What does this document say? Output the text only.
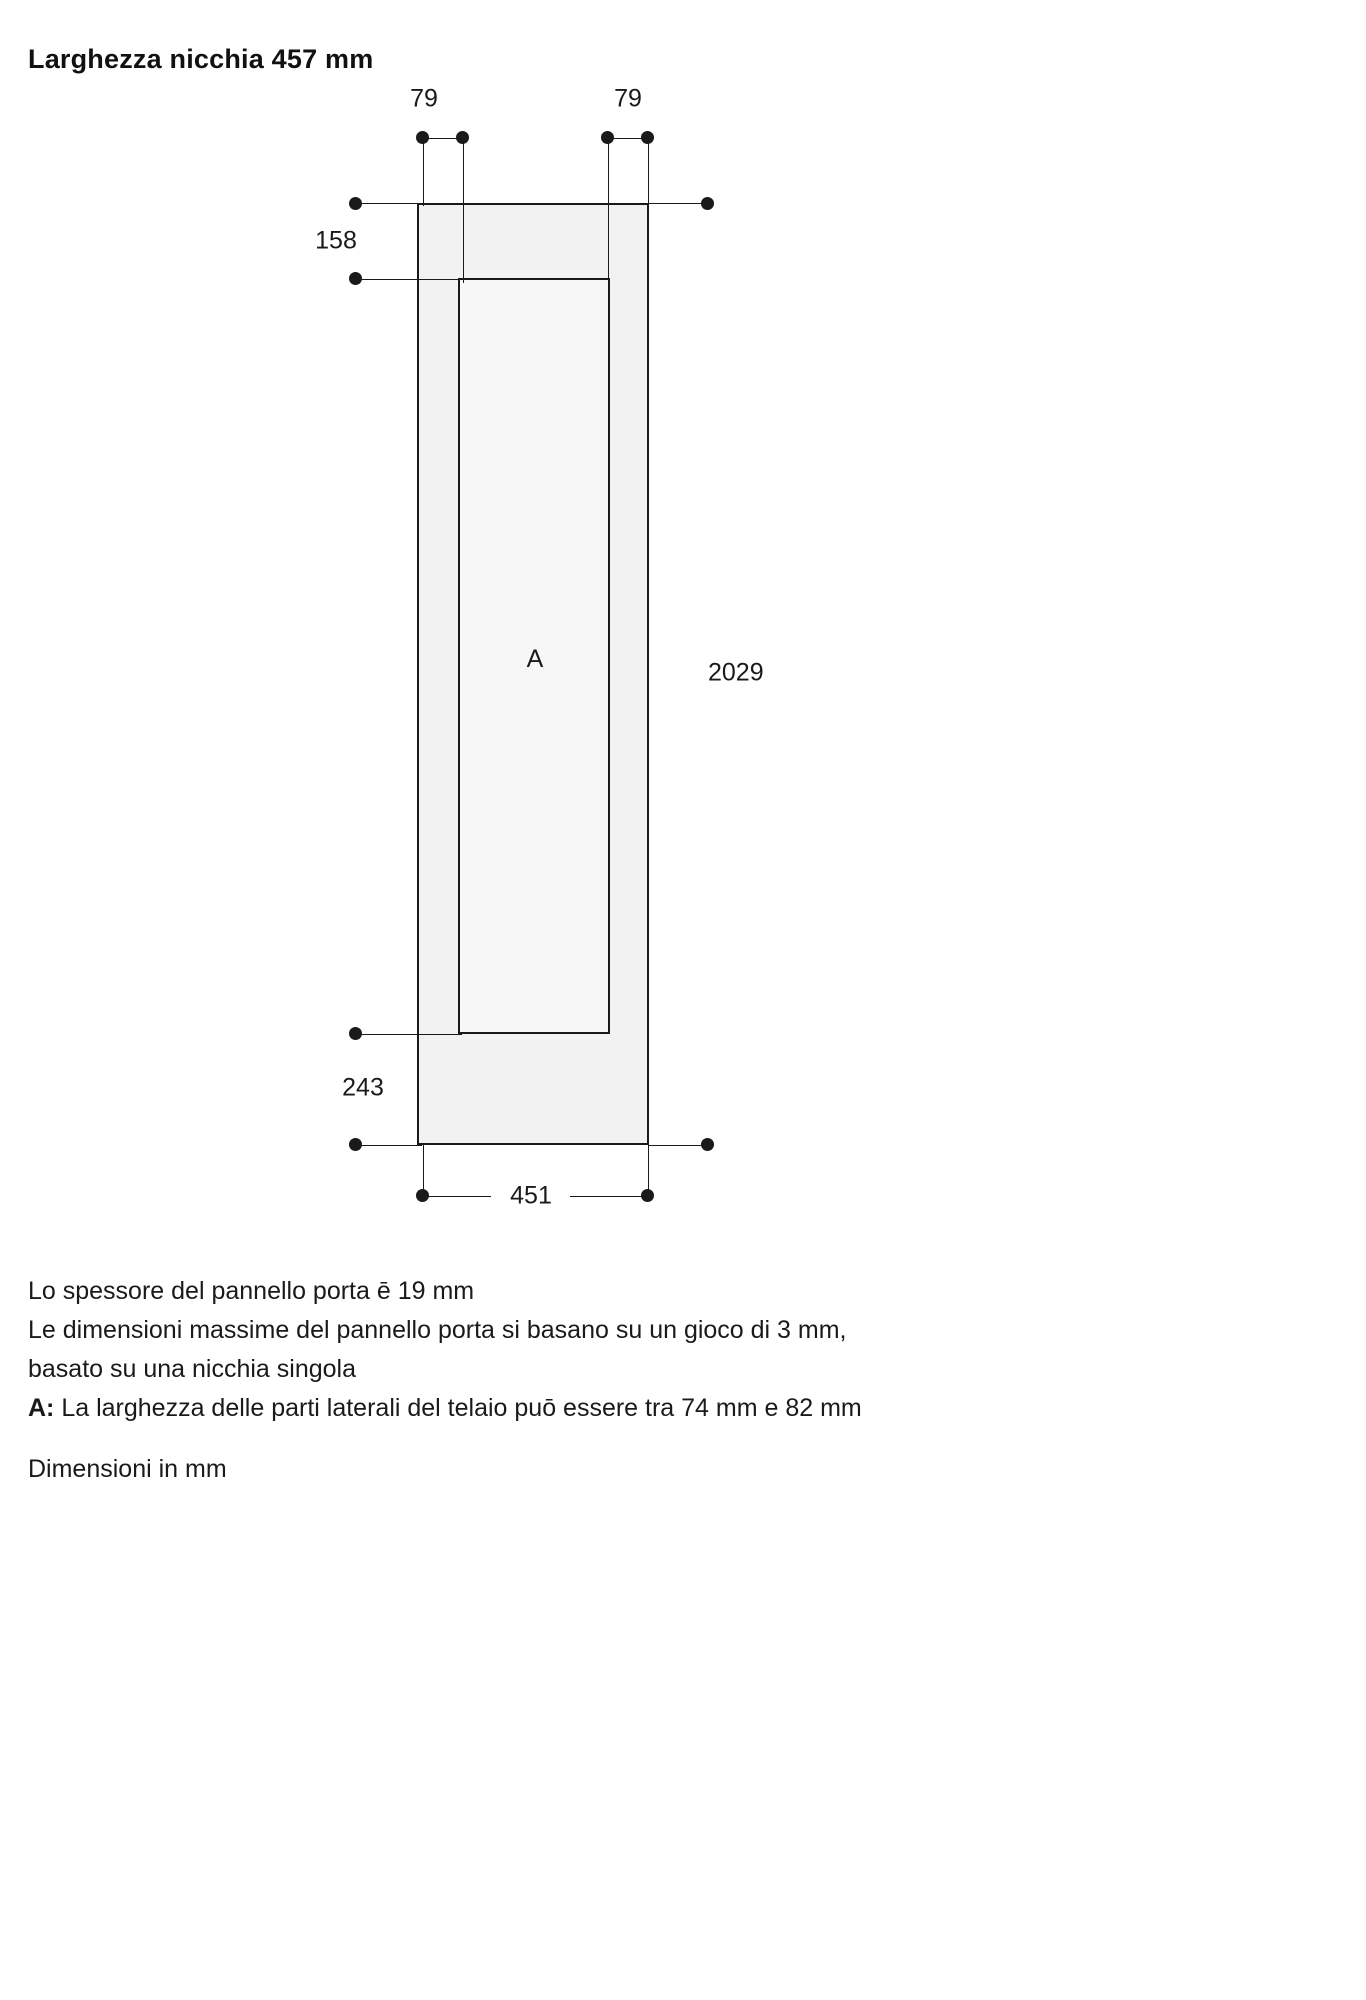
Larghezza nicchia 457 mm
A
79	79
158
243
2029
451
Lo spessore del pannello porta ē 19 mm
Le dimensioni massime del pannello porta si basano su un gioco di 3 mm,
basato su una nicchia singola
A: La larghezza delle parti laterali del telaio puō essere tra 74 mm e 82 mm
Dimensioni in mm
